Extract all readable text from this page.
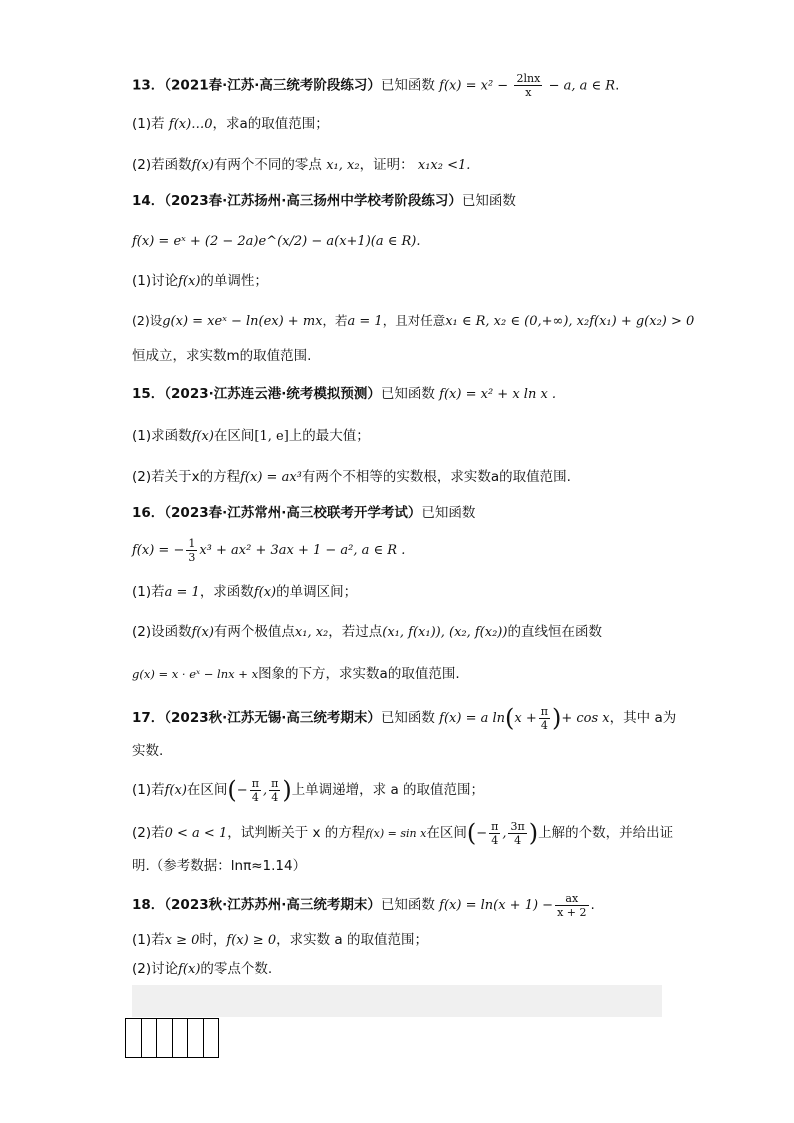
13．（2021春·江苏·高三统考阶段练习）已知函数 $f(x) = x^2 - \frac{2\ln x}{x} - a$, a ∈ R.
(1)若 f(x)…0，求a的取值范围；
(2)若函数f(x)有两个不同的零点 x₁, x₂，证明： x₁x₂ <1.
14．（2023春·江苏扬州·高三扬州中学校考阶段练习）已知函数
f(x) = eˣ + (2 − 2a)e^(x/2) − a(x+1)(a ∈ R).
(1)讨论f(x)的单调性；
(2)设g(x) = xeˣ − ln(ex) + mx，若a = 1，且对任意x₁ ∈ R, x₂ ∈ (0,+∞), x₂f(x₁) + g(x₂) > 0
恒成立，求实数m的取值范围.
15．（2023·江苏连云港·统考模拟预测）已知函数 f(x) = x² + x ln x .
(1)求函数f(x)在区间[1, e]上的最大值；
(2)若关于x的方程f(x) = ax³有两个不相等的实数根，求实数a的取值范围.
16．（2023春·江苏常州·高三校联考开学考试）已知函数
f(x) = − $\frac{1}{3} x^3 + ax^2 + 3ax + 1 - a^2$, a ∈ R .
(1)若a = 1，求函数f(x)的单调区间；
(2)设函数f(x)有两个极值点x₁, x₂，若过点(x₁, f(x₁)), (x₂, f(x₂))的直线恒在函数
g(x) = x · eˣ − lnx + x图象的下方，求实数a的取值范围.
17．（2023秋·江苏无锡·高三统考期末）已知函数 f(x) = a $\ln(x + \frac{\pi}{4}$ )+ cos x，其中 a为
实数.
(1)若f(x)在区间(− $\frac{\pi}{4}$ , $\frac{\pi}{4}$ )上单调递增，求 a 的取值范围；
(2)若0 < a < 1，试判断关于 x 的方程f(x) = sin x在区间(− $\frac{\pi}{4}$ , $\frac{3\pi}{4}$ )上解的个数，并给出证
明.（参考数据：lnπ≈1.14）
18．（2023秋·江苏苏州·高三统考期末）已知函数 $f(x) = \ln(x + 1) - \frac{ax}{x + 2}$ .
(1)若x ≥ 0时，f(x) ≥ 0，求实数 a 的取值范围；
(2)讨论f(x)的零点个数.
